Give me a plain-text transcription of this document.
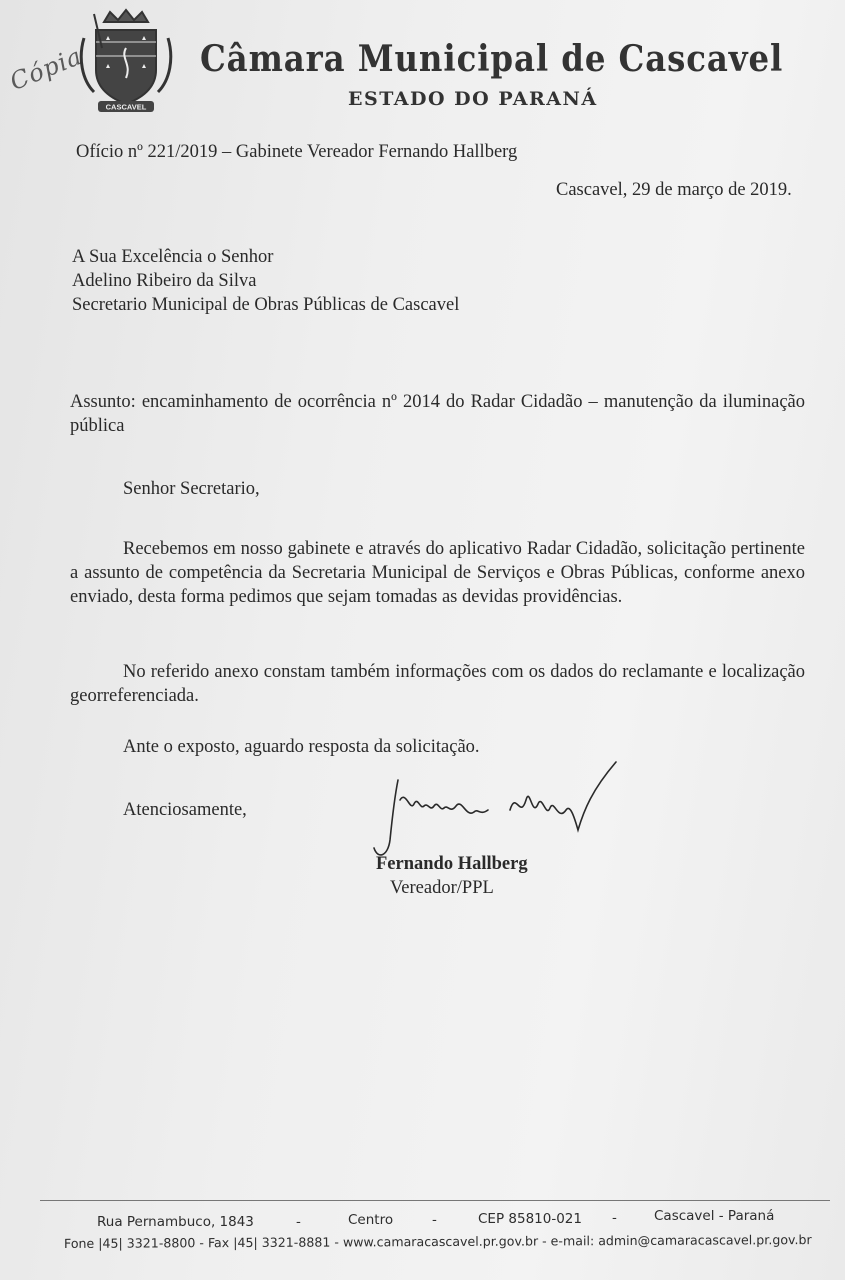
Cópia
CASCAVEL
Câmara Municipal de Cascavel
ESTADO DO PARANÁ
Ofício nº 221/2019 – Gabinete Vereador Fernando Hallberg
Cascavel, 29 de março de 2019.
A Sua Excelência o Senhor
Adelino Ribeiro da Silva
Secretario Municipal de Obras Públicas de Cascavel
Assunto: encaminhamento de ocorrência nº 2014 do Radar Cidadão – manutenção da iluminação pública
Senhor Secretario,
Recebemos em nosso gabinete e através do aplicativo Radar Cidadão, solicitação pertinente a assunto de competência da Secretaria Municipal de Serviços e Obras Públicas, conforme anexo enviado, desta forma pedimos que sejam tomadas as devidas providências.
No referido anexo constam também informações com os dados do reclamante e localização georreferenciada.
Ante o exposto, aguardo resposta da solicitação.
Atenciosamente,
Fernando Hallberg
Vereador/PPL
Rua Pernambuco, 1843	-	Centro	-	CEP 85810-021 -	Cascavel - Paraná
Fone |45| 3321-8800 - Fax |45| 3321-8881 - www.camaracascavel.pr.gov.br - e-mail: admin@camaracascavel.pr.gov.br
